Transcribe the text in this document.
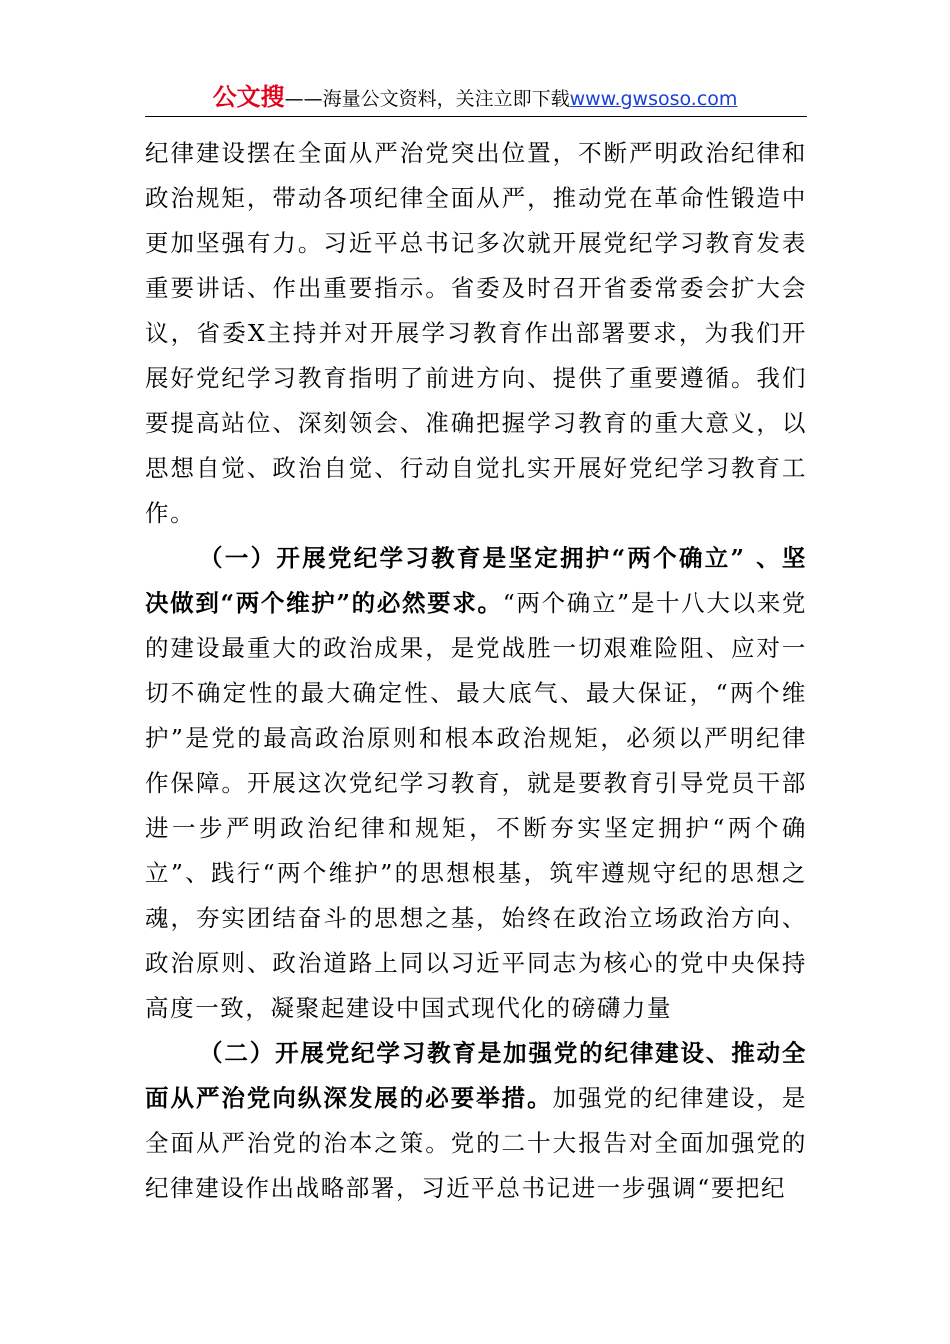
公文搜——海量公文资料，关注立即下载www.gwsoso.com

纪律建设摆在全面从严治党突出位置，不断严明政治纪律和政治规矩，带动各项纪律全面从严，推动党在革命性锻造中更加坚强有力。习近平总书记多次就开展党纪学习教育发表重要讲话、作出重要指示。省委及时召开省委常委会扩大会议，省委X主持并对开展学习教育作出部署要求，为我们开展好党纪学习教育指明了前进方向、提供了重要遵循。我们要提高站位、深刻领会、准确把握学习教育的重大意义，以思想自觉、政治自觉、行动自觉扎实开展好党纪学习教育工作。

（一）开展党纪学习教育是坚定拥护“两个确立” 、坚决做到“两个维护”的必然要求。“两个确立”是十八大以来党的建设最重大的政治成果，是党战胜一切艰难险阻、应对一切不确定性的最大确定性、最大底气、最大保证，“两个维护”是党的最高政治原则和根本政治规矩，必须以严明纪律作保障。开展这次党纪学习教育，就是要教育引导党员干部进一步严明政治纪律和规矩，不断夯实坚定拥护“两个确立”、践行“两个维护”的思想根基，筑牢遵规守纪的思想之魂，夯实团结奋斗的思想之基，始终在政治立场政治方向、政治原则、政治道路上同以习近平同志为核心的党中央保持高度一致，凝聚起建设中国式现代化的磅礴力量

（二）开展党纪学习教育是加强党的纪律建设、推动全面从严治党向纵深发展的必要举措。加强党的纪律建设，是全面从严治党的治本之策。党的二十大报告对全面加强党的纪律建设作出战略部署，习近平总书记进一步强调“要把纪
